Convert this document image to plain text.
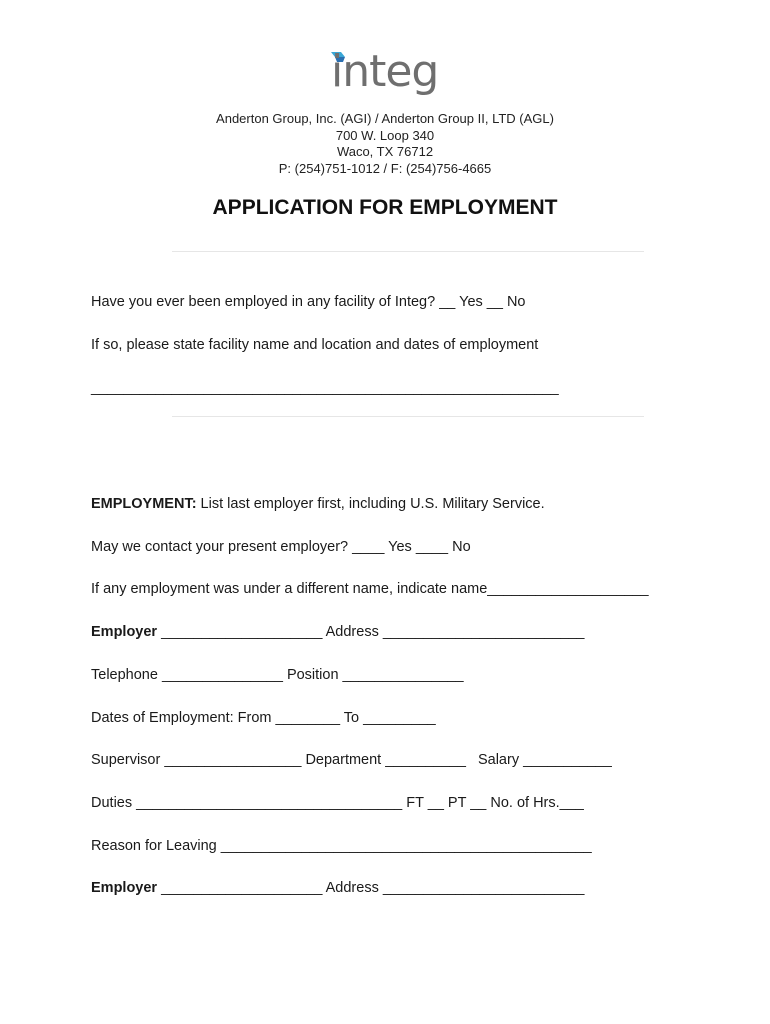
integ
Anderton Group, Inc. (AGI) / Anderton Group II, LTD (AGL)
700 W. Loop 340
Waco, TX 76712
P: (254)751-1012 / F: (254)756-4665
APPLICATION FOR EMPLOYMENT
Have you ever been employed in any facility of Integ? __ Yes __ No
If so, please state facility name and location and dates of employment
__________________________________________________________
EMPLOYMENT: List last employer first, including U.S. Military Service.
May we contact your present employer? ____ Yes ____ No
If any employment was under a different name, indicate name____________________
Employer ____________________ Address _________________________
Telephone _______________ Position _______________
Dates of Employment: From ________ To _________
Supervisor _________________ Department __________   Salary ___________
Duties _________________________________ FT __ PT __ No. of Hrs.___
Reason for Leaving ______________________________________________
Employer ____________________ Address _________________________
